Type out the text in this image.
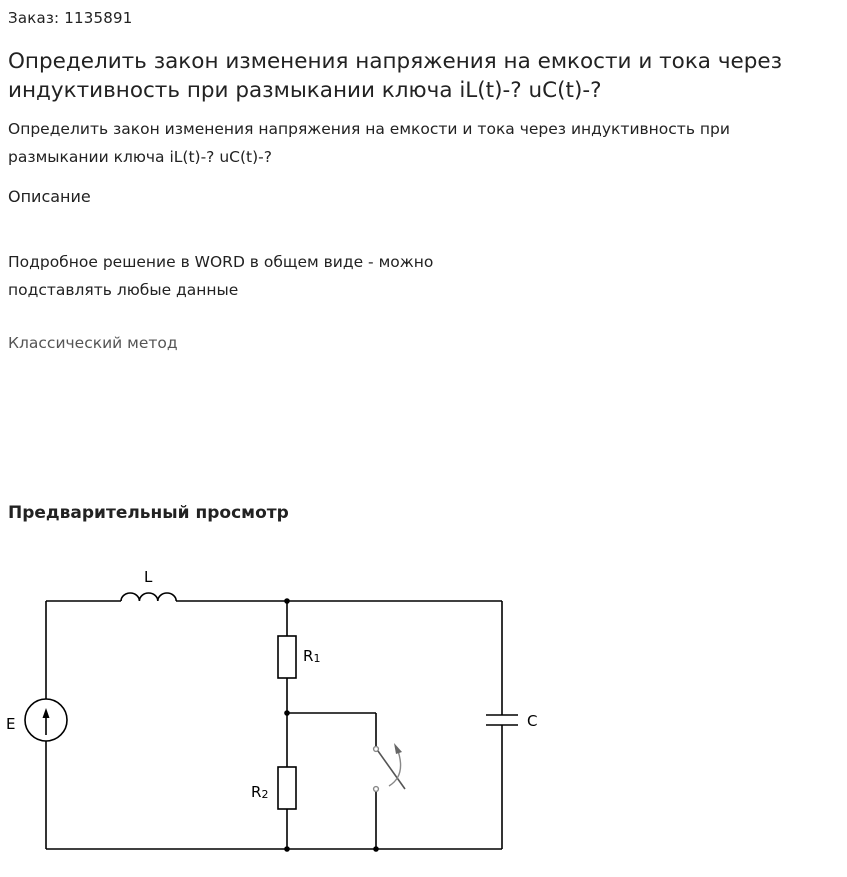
Заказ: 1135891
Определить закон изменения напряжения на емкости и тока через индуктивность при размыкании ключа iL(t)-? uC(t)-?
Определить закон изменения напряжения на емкости и тока через индуктивность при размыкании ключа iL(t)-? uC(t)-?
Описание
Подробное решение в WORD в общем виде - можно подставлять любые данные
Классический метод
Предварительный просмотр
L
E
R1
R2
C
